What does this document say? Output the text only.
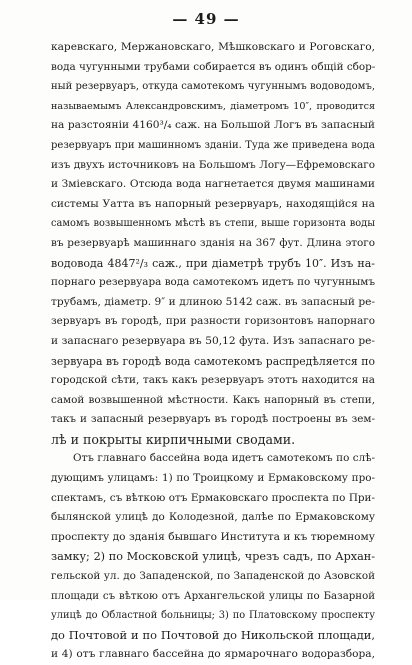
— 49 —
каревскаго, Мержановскаго, Мѣшковскаго и Роговскаго,
вода чугунными трубами собирается въ одинъ общій сбор-
ный резервуаръ, откуда самотекомъ чугуннымъ водоводомъ,
называемымъ Александровскимъ, діаметромъ 10″, проводится
на разстояніи 4160³/₄ саж. на Большой Логъ въ запасный
резервуаръ при машинномъ зданіи. Туда же приведена вода
изъ двухъ источниковъ на Большомъ Логу—Ефремовскаго
и Зміевскаго. Отсюда вода нагнетается двумя машинами
системы Уатта въ напорный резервуаръ, находящійся на
самомъ возвышенномъ мѣстѣ въ степи, выше горизонта воды
въ резервуарѣ машиннаго зданія на 367 фут. Длина этого
водовода 4847²/₃ саж., при діаметрѣ трубъ 10″. Изъ на-
порнаго резервуара вода самотекомъ идетъ по чугуннымъ
трубамъ, діаметр. 9″ и длиною 5142 саж. въ запасный ре-
зервуаръ въ городѣ, при разности горизонтовъ напорнаго
и запаснаго резервуара въ 50,12 фута. Изъ запаснаго ре-
зервуара въ городѣ вода самотекомъ распредѣляется по
городской сѣти, такъ какъ резервуаръ этотъ находится на
самой возвышенной мѣстности. Какъ напорный въ степи,
такъ и запасный резервуаръ въ городѣ построены въ зем-
лѣ и покрыты кирпичными сводами.
Отъ главнаго бассейна вода идетъ самотекомъ по слѣ-
дующимъ улицамъ: 1) по Троицкому и Ермаковскому про-
спектамъ, съ вѣткою отъ Ермаковскаго проспекта по При-
былянской улицѣ до Колодезной, далѣе по Ермаковскому
проспекту до зданія бывшаго Института и къ тюремному
замку; 2) по Московской улицѣ, чрезъ садъ, по Архан-
гельской ул. до Западенской, по Западенской до Азовской
площади съ вѣткою отъ Архангельской улицы по Базарной
улицѣ до Областной больницы; 3) по Платовскому проспекту
до Почтовой и по Почтовой до Никольской площади,
и 4) отъ главнаго бассейна до ярмарочнаго водоразбора,
